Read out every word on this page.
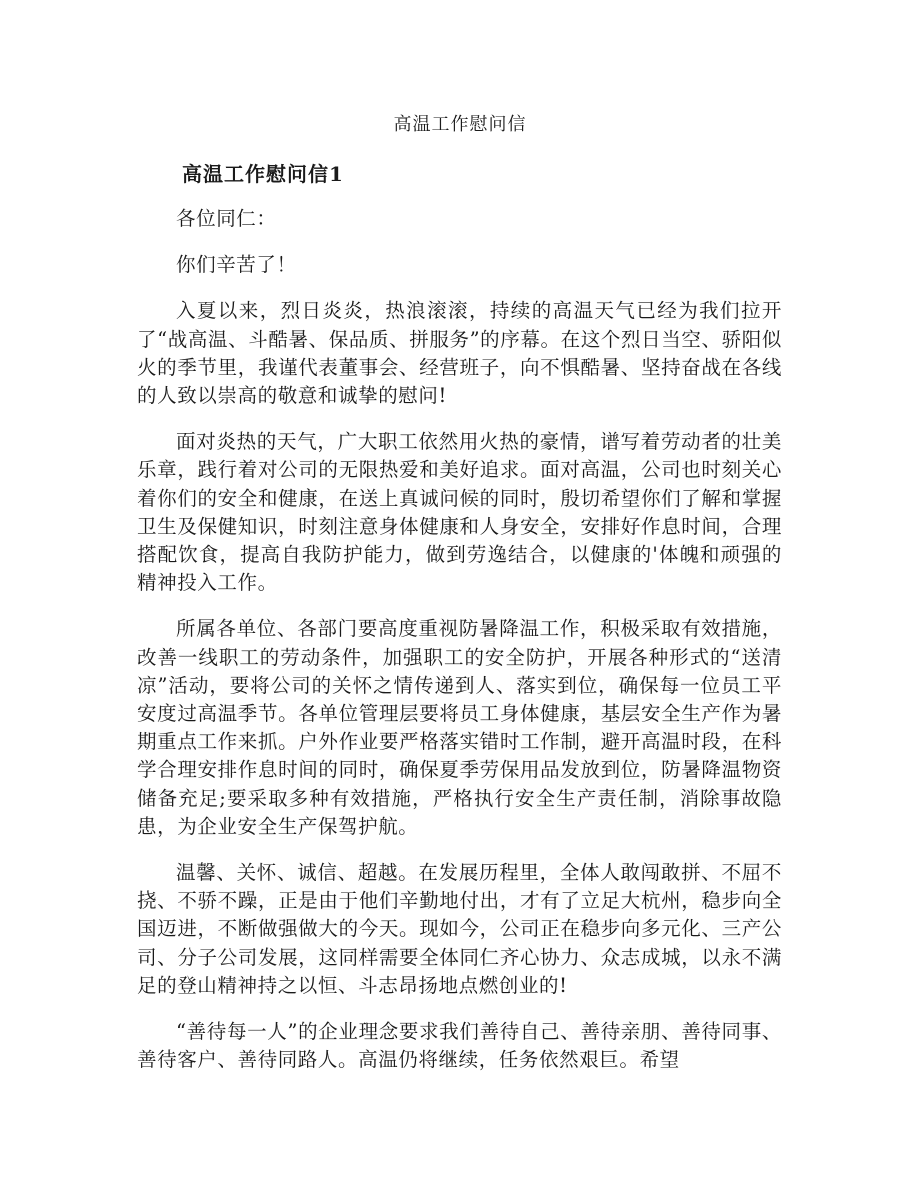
高温工作慰问信
高温工作慰问信1

各位同仁：

你们辛苦了！

入夏以来，烈日炎炎，热浪滚滚，持续的高温天气已经为我们拉开了“战高温、斗酷暑、保品质、拼服务”的序幕。在这个烈日当空、骄阳似火的季节里，我谨代表董事会、经营班子，向不惧酷暑、坚持奋战在各线的人致以崇高的敬意和诚挚的慰问!

面对炎热的天气，广大职工依然用火热的豪情，谱写着劳动者的壮美乐章，践行着对公司的无限热爱和美好追求。面对高温，公司也时刻关心着你们的安全和健康，在送上真诚问候的同时，殷切希望你们了解和掌握卫生及保健知识，时刻注意身体健康和人身安全，安排好作息时间，合理搭配饮食，提高自我防护能力，做到劳逸结合，以健康的'体魄和顽强的精神投入工作。

所属各单位、各部门要高度重视防暑降温工作，积极采取有效措施，改善一线职工的劳动条件，加强职工的安全防护，开展各种形式的“送清凉”活动，要将公司的关怀之情传递到人、落实到位，确保每一位员工平安度过高温季节。各单位管理层要将员工身体健康，基层安全生产作为暑期重点工作来抓。户外作业要严格落实错时工作制，避开高温时段，在科学合理安排作息时间的同时，确保夏季劳保用品发放到位，防暑降温物资储备充足;要采取多种有效措施，严格执行安全生产责任制，消除事故隐患，为企业安全生产保驾护航。

温馨、关怀、诚信、超越。在发展历程里，全体人敢闯敢拼、不屈不挠、不骄不躁，正是由于他们辛勤地付出，才有了立足大杭州，稳步向全国迈进，不断做强做大的今天。现如今，公司正在稳步向多元化、三产公司、分子公司发展，这同样需要全体同仁齐心协力、众志成城，以永不满足的登山精神持之以恒、斗志昂扬地点燃创业的!

“善待每一人”的企业理念要求我们善待自己、善待亲朋、善待同事、善待客户、善待同路人。高温仍将继续，任务依然艰巨。希望
